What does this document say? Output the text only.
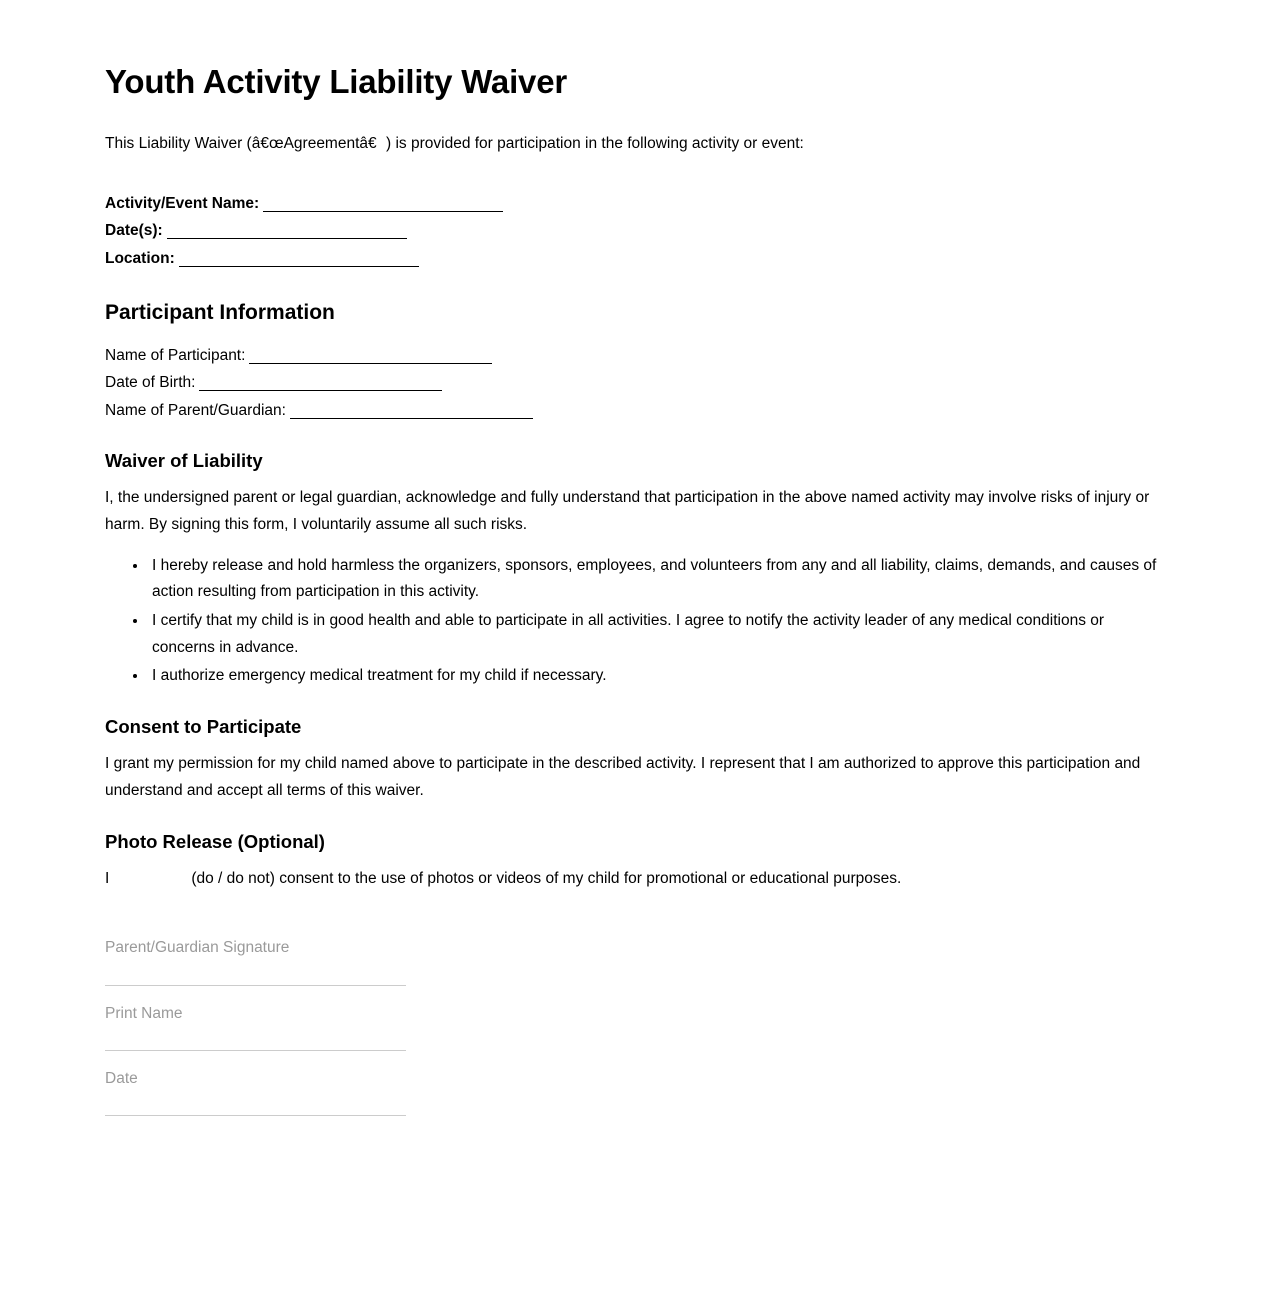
Youth Activity Liability Waiver

This Liability Waiver (â€œAgreementâ€) is provided for participation in the following activity or event:

Activity/Event Name:
Date(s):
Location:
Participant Information
Name of Participant:
Date of Birth:
Name of Parent/Guardian:
Waiver of Liability

I, the undersigned parent or legal guardian, acknowledge and fully understand that participation in the above named activity may involve risks of injury or harm. By signing this form, I voluntarily assume all such risks.

• I hereby release and hold harmless the organizers, sponsors, employees, and volunteers from any and all liability, claims, demands, and causes of action resulting from participation in this activity.
• I certify that my child is in good health and able to participate in all activities. I agree to notify the activity leader of any medical conditions or concerns in advance.
• I authorize emergency medical treatment for my child if necessary.
Consent to Participate

I grant my permission for my child named above to participate in the described activity. I represent that I am authorized to approve this participation and understand and accept all terms of this waiver.

Photo Release (Optional)

I	(do / do not) consent to the use of photos or videos of my child for promotional or educational purposes.

Parent/Guardian Signature
Print Name
Date
